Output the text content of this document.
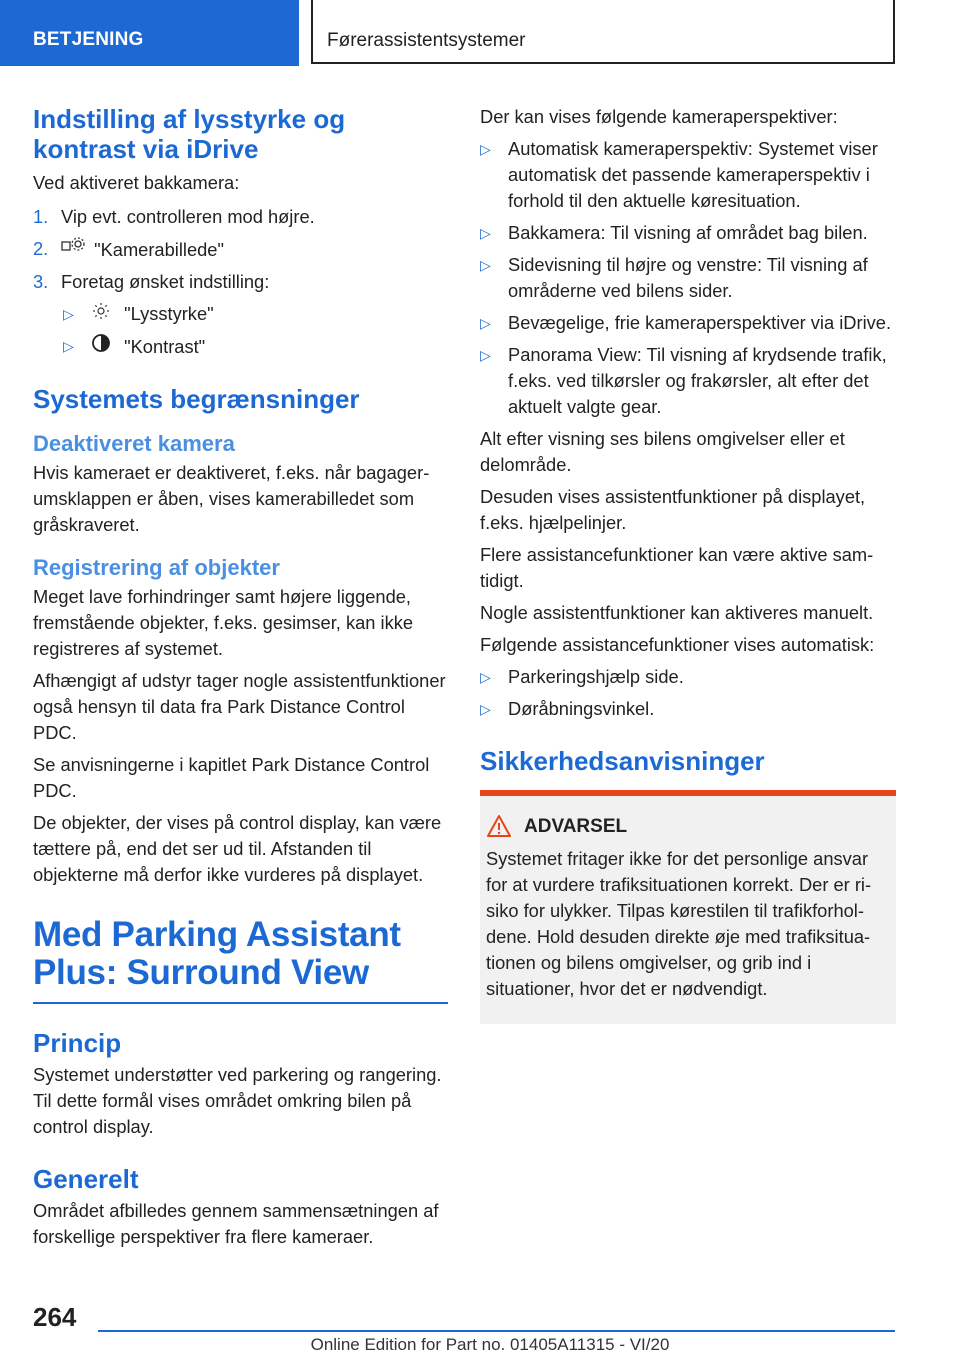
BETJENING	Førerassistentsystemer
Indstilling af lysstyrke og kontrast via iDrive

Ved aktiveret bakkamera:

1. Vip evt. controlleren mod højre.
2.	"Kamerabillede"
3. Foretag ønsket indstilling:
▷	"Lysstyrke"
▷	"Kontrast"
Systemets begrænsninger
Deaktiveret kamera

Hvis kameraet er deaktiveret, f.eks. når bagagerumsklappen er åben, vises kamerabilledet som gråskraveret.

Registrering af objekter

Meget lave forhindringer samt højere liggende, fremstående objekter, f.eks. gesimser, kan ikke registreres af systemet.

Afhængigt af udstyr tager nogle assistentfunktioner også hensyn til data fra Park Distance Control PDC.

Se anvisningerne i kapitlet Park Distance Control PDC.

De objekter, der vises på control display, kan være tættere på, end det ser ud til. Afstanden til objekterne må derfor ikke vurderes på displayet.

Med Parking Assistant Plus: Surround View
Princip

Systemet understøtter ved parkering og rangering. Til dette formål vises området omkring bilen på control display.

Generelt

Området afbilledes gennem sammensætningen af forskellige perspektiver fra flere kameraer.

Der kan vises følgende kameraperspektiver:

▷ Automatisk kameraperspektiv: Systemet viser automatisk det passende kameraperspektiv i forhold til den aktuelle køresituation.
▷ Bakkamera: Til visning af området bag bilen.
▷ Sidevisning til højre og venstre: Til visning af områderne ved bilens sider.
▷ Bevægelige, frie kameraperspektiver via iDrive.
▷ Panorama View: Til visning af krydsende trafik, f.eks. ved tilkørsler og frakørsler, alt efter det aktuelt valgte gear.

Alt efter visning ses bilens omgivelser eller et delområde.

Desuden vises assistentfunktioner på displayet, f.eks. hjælpelinjer.

Flere assistancefunktioner kan være aktive samtidigt.

Nogle assistentfunktioner kan aktiveres manuelt.

Følgende assistancefunktioner vises automatisk:

▷ Parkeringshjælp side.
▷ Døråbningsvinkel.
Sikkerhedsanvisninger
ADVARSEL

Systemet fritager ikke for det personlige ansvar for at vurdere trafiksituationen korrekt. Der er risiko for ulykker. Tilpas kørestilen til trafikforholdene. Hold desuden direkte øje med trafiksituationen og bilens omgivelser, og grib ind i situationer, hvor det er nødvendigt.

264
Online Edition for Part no. 01405A11315 - VI/20
